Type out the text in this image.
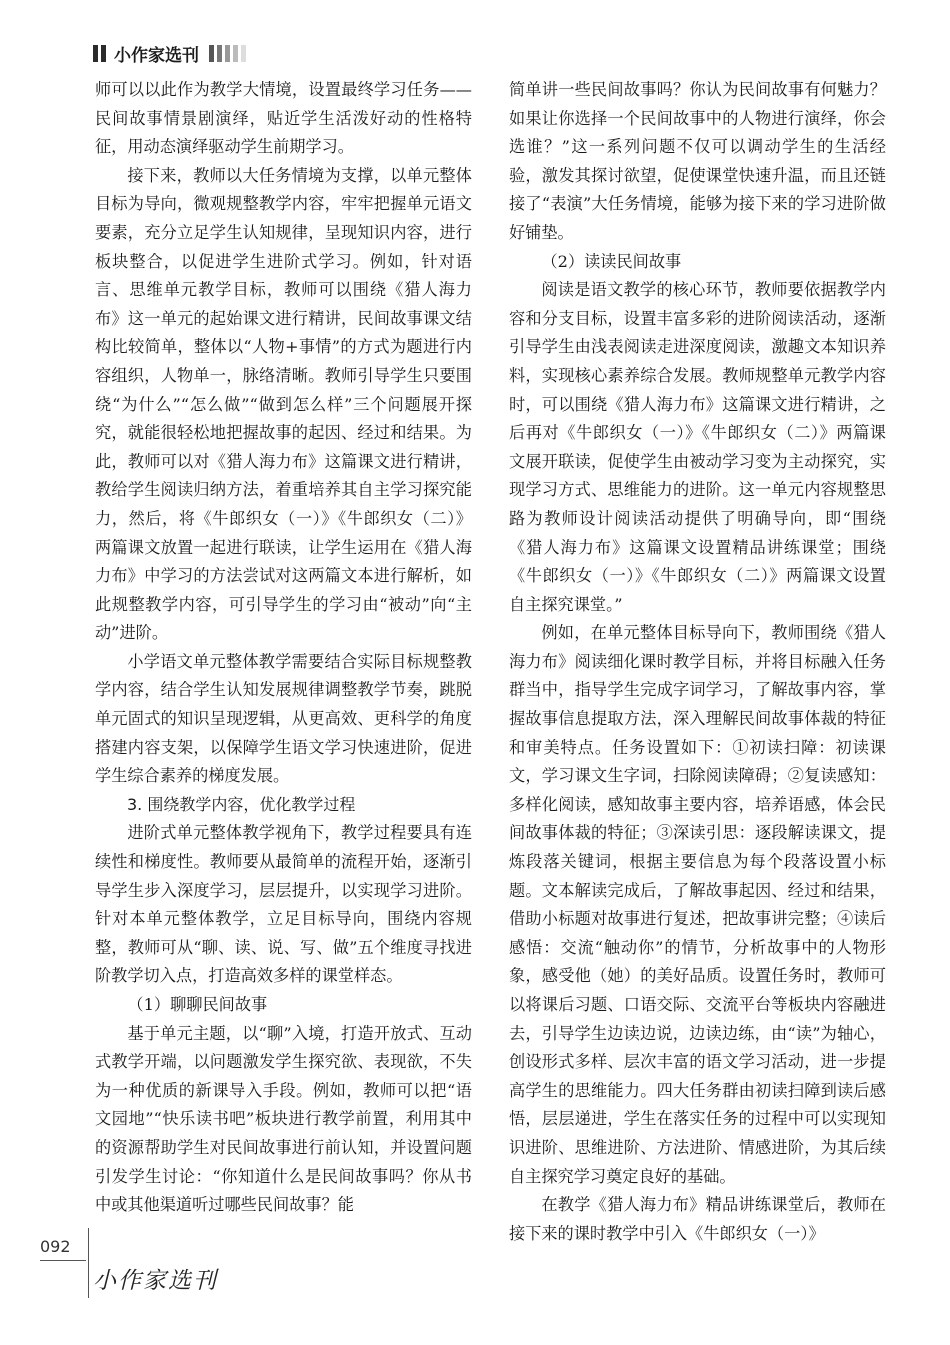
小作家选刊

师可以以此作为教学大情境，设置最终学习任务——民间故事情景剧演绎，贴近学生活泼好动的性格特征，用动态演绎驱动学生前期学习。

接下来，教师以大任务情境为支撑，以单元整体目标为导向，微观规整教学内容，牢牢把握单元语文要素，充分立足学生认知规律，呈现知识内容，进行板块整合，以促进学生进阶式学习。例如，针对语言、思维单元教学目标，教师可以围绕《猎人海力布》这一单元的起始课文进行精讲，民间故事课文结构比较简单，整体以“人物+事情”的方式为题进行内容组织，人物单一，脉络清晰。教师引导学生只要围绕“为什么”“怎么做”“做到怎么样”三个问题展开探究，就能很轻松地把握故事的起因、经过和结果。为此，教师可以对《猎人海力布》这篇课文进行精讲，教给学生阅读归纳方法，着重培养其自主学习探究能力，然后，将《牛郎织女（一）》《牛郎织女（二）》两篇课文放置一起进行联读，让学生运用在《猎人海力布》中学习的方法尝试对这两篇文本进行解析，如此规整教学内容，可引导学生的学习由“被动”向“主动”进阶。

小学语文单元整体教学需要结合实际目标规整教学内容，结合学生认知发展规律调整教学节奏，跳脱单元固式的知识呈现逻辑，从更高效、更科学的角度搭建内容支架，以保障学生语文学习快速进阶，促进学生综合素养的梯度发展。

3. 围绕教学内容，优化教学过程

进阶式单元整体教学视角下，教学过程要具有连续性和梯度性。教师要从最简单的流程开始，逐渐引导学生步入深度学习，层层提升，以实现学习进阶。针对本单元整体教学，立足目标导向，围绕内容规整，教师可从“聊、读、说、写、做”五个维度寻找进阶教学切入点，打造高效多样的课堂样态。

（1）聊聊民间故事

基于单元主题，以“聊”入境，打造开放式、互动式教学开端，以问题激发学生探究欲、表现欲，不失为一种优质的新课导入手段。例如，教师可以把“语文园地”“快乐读书吧”板块进行教学前置，利用其中的资源帮助学生对民间故事进行前认知，并设置问题引发学生讨论：“你知道什么是民间故事吗？你从书中或其他渠道听过哪些民间故事？能

简单讲一些民间故事吗？你认为民间故事有何魅力？如果让你选择一个民间故事中的人物进行演绎，你会选谁？”这一系列问题不仅可以调动学生的生活经验，激发其探讨欲望，促使课堂快速升温，而且还链接了“表演”大任务情境，能够为接下来的学习进阶做好铺垫。

（2）读读民间故事

阅读是语文教学的核心环节，教师要依据教学内容和分支目标，设置丰富多彩的进阶阅读活动，逐渐引导学生由浅表阅读走进深度阅读，激趣文本知识养料，实现核心素养综合发展。教师规整单元教学内容时，可以围绕《猎人海力布》这篇课文进行精讲，之后再对《牛郎织女（一）》《牛郎织女（二）》两篇课文展开联读，促使学生由被动学习变为主动探究，实现学习方式、思维能力的进阶。这一单元内容规整思路为教师设计阅读活动提供了明确导向，即“围绕《猎人海力布》这篇课文设置精品讲练课堂；围绕《牛郎织女（一）》《牛郎织女（二）》两篇课文设置自主探究课堂。”

例如，在单元整体目标导向下，教师围绕《猎人海力布》阅读细化课时教学目标，并将目标融入任务群当中，指导学生完成字词学习，了解故事内容，掌握故事信息提取方法，深入理解民间故事体裁的特征和审美特点。任务设置如下：①初读扫障：初读课文，学习课文生字词，扫除阅读障碍；②复读感知：多样化阅读，感知故事主要内容，培养语感，体会民间故事体裁的特征；③深读引思：逐段解读课文，提炼段落关键词，根据主要信息为每个段落设置小标题。文本解读完成后，了解故事起因、经过和结果，借助小标题对故事进行复述，把故事讲完整；④读后感悟：交流“触动你”的情节，分析故事中的人物形象，感受他（她）的美好品质。设置任务时，教师可以将课后习题、口语交际、交流平台等板块内容融进去，引导学生边读边说，边读边练，由“读”为轴心，创设形式多样、层次丰富的语文学习活动，进一步提高学生的思维能力。四大任务群由初读扫障到读后感悟，层层递进，学生在落实任务的过程中可以实现知识进阶、思维进阶、方法进阶、情感进阶，为其后续自主探究学习奠定良好的基础。

在教学《猎人海力布》精品讲练课堂后，教师在接下来的课时教学中引入《牛郎织女（一）》

092
小作家选刊
